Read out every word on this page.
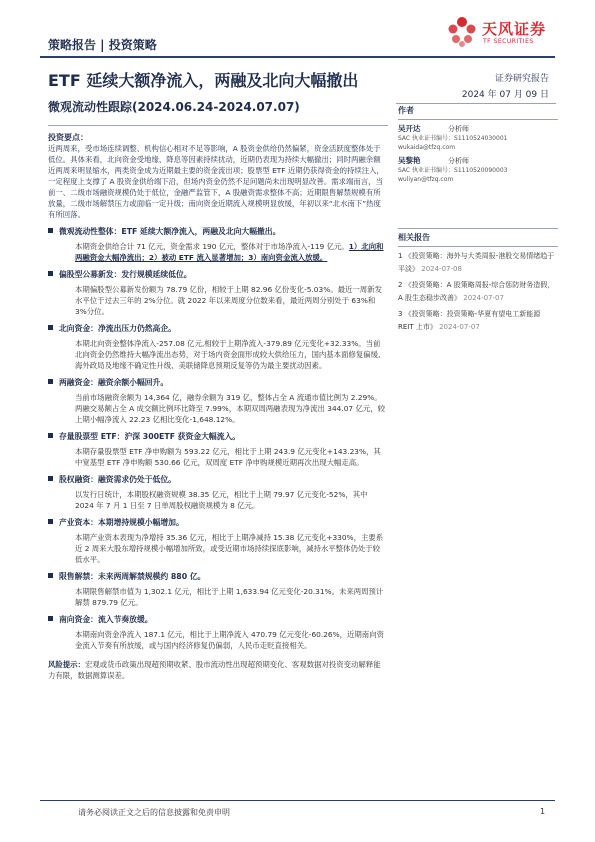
策略报告 | 投资策略
天风证券
TF SECURITIES
ETF 延续大额净流入，两融及北向大幅撤出
微观流动性跟踪(2024.06.24-2024.07.07)
证券研究报告
2024 年 07 月 09 日
投资要点：
近两周来，受市场连续调整、机构信心相对不足等影响，A 股资金供给仍然偏紧，资金活跃度整体处于低位。具体来看，北向资金受地缘、降息等因素持续扰动，近期仍表现为持续大幅撤出；同时两融余额近两周来明显缩水，两类资金成为近期最主要的资金流出项；股票型 ETF 近期仍获得资金的持续注入，一定程度上支撑了 A 股资金供给端下沿，但场内资金仍然不足问题尚未出现明显改善。需求端而言，当前一、二级市场融资规模仍处于低位，金融严监管下，A 股融资需求整体不高；近期限售解禁规模有所放量，二级市场解禁压力或面临一定升级；南向资金近期流入规模明显放缓，年初以来“北水南下”热度有所回落。
微观流动性整体：ETF 延续大额净流入，两融及北向大幅撤出。
本期资金供给合计 71 亿元，资金需求 190 亿元，整体对于市场净流入-119 亿元。1）北向和两融资金大幅净流出；2）被动 ETF 流入显著增加；3）南向资金流入放缓。
偏股型公募新发：发行规模延续低位。
本期偏股型公募新发份额为 78.79 亿份，相较于上期 82.96 亿份变化-5.03%。最近一周新发水平位于过去三年的 2%分位。就 2022 年以来周度分位数来看，最近两周分别处于 63%和 3%分位。
北向资金：净流出压力仍然高企。
本期北向资金整体净流入-257.08 亿元,相较于上期净流入-379.89 亿元变化+32.33%。当前北向资金仍然维持大幅净流出态势，对于场内资金面形成较大供给压力，国内基本面修复偏缓、海外政局及地缘不确定性升级、美联储降息预期反复等仍为最主要扰动因素。
两融资金：融资余额小幅回升。
当前市场融资余额为 14,364 亿，融券余额为 319 亿，整体占全 A 流通市值比例为 2.29%。两融交易额占全 A 成交额比例环比降至 7.99%，本期双周两融表现为净流出 344.07 亿元，较上期小幅净流入 22.23 亿相比变化-1,648.12%。
存量股票型 ETF：沪深 300ETF 获资金大幅流入。
本期存量股票型 ETF 净申购额为 593.22 亿元，相比于上期 243.9 亿元变化+143.23%，其中宽基型 ETF 净申购额 530.66 亿元，双周度 ETF 净申购规模近期再次出现大幅走高。
股权融资：融资需求仍处于低位。
以发行日统计，本期股权融资规模 38.35 亿元，相比于上期 79.97 亿元变化-52%，其中 2024 年 7 月 1 日至 7 日单周股权融资规模为 8 亿元。
产业资本：本期增持规模小幅增加。
本期产业资本表现为净增持 35.36 亿元，相比于上期净减持 15.38 亿元变化+330%，主要系近 2 周来大股东增持规模小幅增加所致，或受近期市场持续探底影响，减持水平整体仍处于较低水平。
限售解禁：未来两周解禁规模约 880 亿。
本期限售解禁市值为 1,302.1 亿元，相比于上期 1,633.94 亿元变化-20.31%。未来两周预计解禁 879.79 亿元。
南向资金：流入节奏放缓。
本期南向资金净流入 187.1 亿元，相比于上期净流入 470.79 亿元变化-60.26%，近期南向资金流入节奏有所放缓，或与国内经济修复仍偏弱，人民币走贬直接相关。
风险提示：宏观或货币政策出现超预期收紧、股市流动性出现超预期变化、客观数据对投资变动解释能力有限，数据测算误差。
作者
吴开达	分析师
SAC 执业证书编号：S1110524030001
wukaida@tfzq.com
吴黎艳	分析师
SAC 执业证书编号：S1110520090003
wuliyan@tfzq.com
相关报告
1 《投资策略：海外与大类周报-港股交易情绪趋于平淡》 2024-07-08
2 《投资策略：A 股策略周报-综合惩防财务造假，A 股生态稳步改善》 2024-07-07
3 《投资策略：投资策略-华夏有望电工新能源 REIT 上市》 2024-07-07
请务必阅读正文之后的信息披露和免责申明	1
